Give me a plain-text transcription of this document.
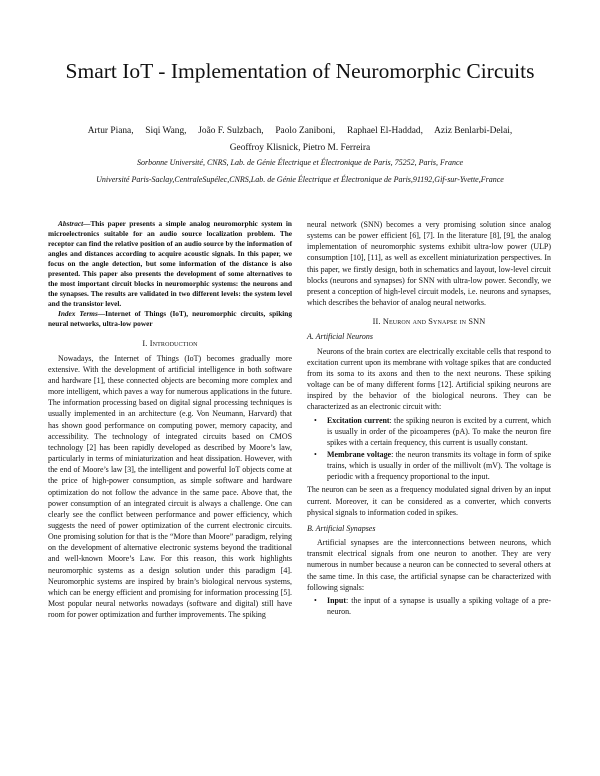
Smart IoT - Implementation of Neuromorphic Circuits
Artur Piana,     Siqi Wang,     João F. Sulzbach,     Paolo Zaniboni,     Raphael El-Haddad,     Aziz Benlarbi-Delai,
Geoffroy Klisnick, Pietro M. Ferreira
Sorbonne Université, CNRS, Lab. de Génie Électrique et Électronique de Paris, 75252, Paris, France
Université Paris-Saclay,CentraleSupélec,CNRS,Lab. de Génie Électrique et Électronique de Paris,91192,Gif-sur-Yvette,France

Abstract—This paper presents a simple analog neuromorphic system in microelectronics suitable for an audio source localization problem. The receptor can find the relative position of an audio source by the information of angles and distances according to acquire acoustic signals. In this paper, we focus on the angle detection, but some information of the distance is also presented. This paper also presents the development of some alternatives to the most important circuit blocks in neuromorphic systems: the neurons and the synapses. The results are validated in two different levels: the system level and the transistor level.

Index Terms—Internet of Things (IoT), neuromorphic circuits, spiking neural networks, ultra-low power

I. Introduction

Nowadays, the Internet of Things (IoT) becomes gradually more extensive. With the development of artificial intelligence in both software and hardware [1], these connected objects are becoming more complex and more intelligent, which paves a way for numerous applications in the future. The information processing based on digital signal processing techniques is usually implemented in an architecture (e.g. Von Neumann, Harvard) that has shown good performance on computing power, memory capacity, and accessibility. The technology of integrated circuits based on CMOS technology [2] has been rapidly developed as described by Moore’s law, particularly in terms of miniaturization and heat dissipation. However, with the end of Moore’s law [3], the intelligent and powerful IoT objects come at the price of high-power consumption, as simple software and hardware optimization do not follow the advance in the same pace. Above that, the power consumption of an integrated circuit is always a challenge. One can clearly see the conflict between performance and power efficiency, which suggests the need of power optimization of the current electronic circuits. One promising solution for that is the “More than Moore” paradigm, relying on the development of alternative electronic systems beyond the traditional and well-known Moore’s Law. For this reason, this work highlights neuromorphic systems as a design solution under this paradigm [4]. Neuromorphic systems are inspired by brain’s biological nervous systems, which can be energy efficient and promising for information processing [5]. Most popular neural networks nowadays (software and digital) still have room for power optimization and further improvements. The spiking

neural network (SNN) becomes a very promising solution since analog systems can be power efficient [6], [7]. In the literature [8], [9], the analog implementation of neuromorphic systems exhibit ultra-low power (ULP) consumption [10], [11], as well as excellent miniaturization perspectives. In this paper, we firstly design, both in schematics and layout, low-level circuit blocks (neurons and synapses) for SNN with ultra-low power. Secondly, we present a conception of high-level circuit models, i.e. neurons and synapses, which describes the behavior of analog neural networks.

II. Neuron and Synapse in SNN
A. Artificial Neurons

Neurons of the brain cortex are electrically excitable cells that respond to excitation current upon its membrane with voltage spikes that are conducted from its soma to its axons and then to the next neurons. These spiking voltage can be of many different forms [12]. Artificial spiking neurons are inspired by the behavior of the biological neurons. They can be characterized as an electronic circuit with:

• Excitation current: the spiking neuron is excited by a current, which is usually in order of the picoamperes (pA). To make the neuron fire spikes with a certain frequency, this current is usually constant.
• Membrane voltage: the neuron transmits its voltage in form of spike trains, which is usually in order of the millivolt (mV). The voltage is periodic with a frequency proportional to the input.

The neuron can be seen as a frequency modulated signal driven by an input current. Moreover, it can be considered as a converter, which converts physical signals to information coded in spikes.

B. Artificial Synapses

Artificial synapses are the interconnections between neurons, which transmit electrical signals from one neuron to another. They are very numerous in number because a neuron can be connected to several others at the same time. In this case, the artificial synapse can be characterized with following signals:

• Input: the input of a synapse is usually a spiking voltage of a pre-neuron.
